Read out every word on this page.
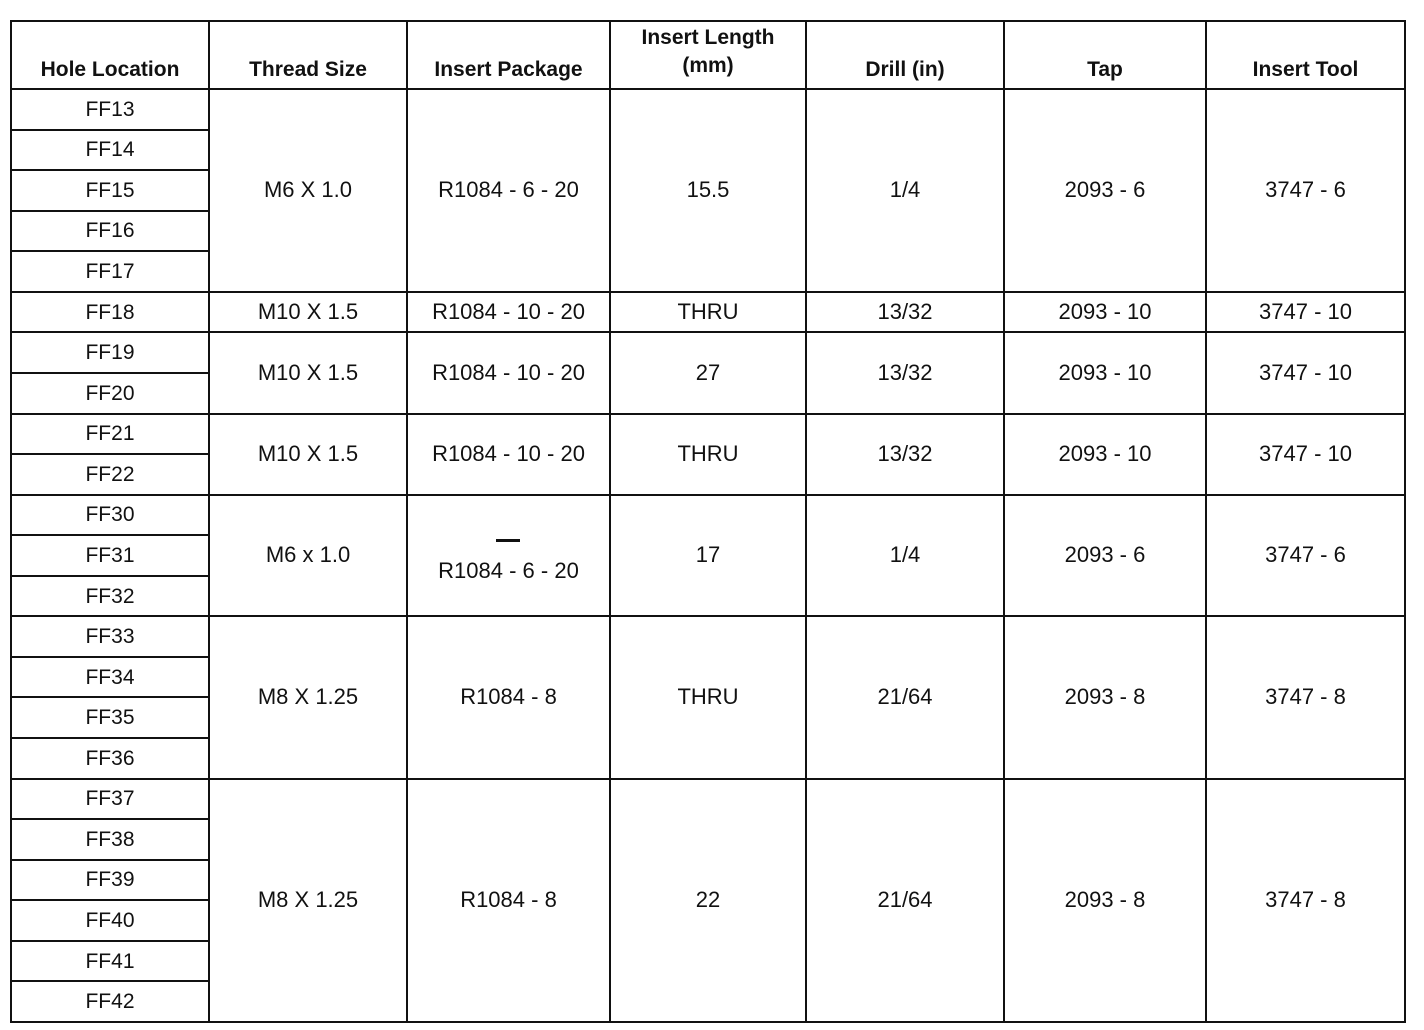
Hole Location	Thread Size	Insert Package	Insert Length
(mm)	Drill (in)	Tap	Insert Tool
FF13	M6 X 1.0	R1084 - 6 - 20	15.5	1/4	2093 - 6	3747 - 6
FF14						
FF15						
FF16						
FF17						
FF18	M10 X 1.5	R1084 - 10 - 20	THRU	13/32	2093 - 10	3747 - 10
FF19	M10 X 1.5	R1084 - 10 - 20	27	13/32	2093 - 10	3747 - 10
FF20						
FF21	M10 X 1.5	R1084 - 10 - 20	THRU	13/32	2093 - 10	3747 - 10
FF22						
FF30	M6 x 1.0	R1084 - 6 - 20	17	1/4	2093 - 6	3747 - 6
FF31						
FF32						
FF33	M8 X 1.25	R1084 - 8	THRU	21/64	2093 - 8	3747 - 8
FF34						
FF35						
FF36						
FF37	M8 X 1.25	R1084 - 8	22	21/64	2093 - 8	3747 - 8
FF38						
FF39						
FF40						
FF41						
FF42						
